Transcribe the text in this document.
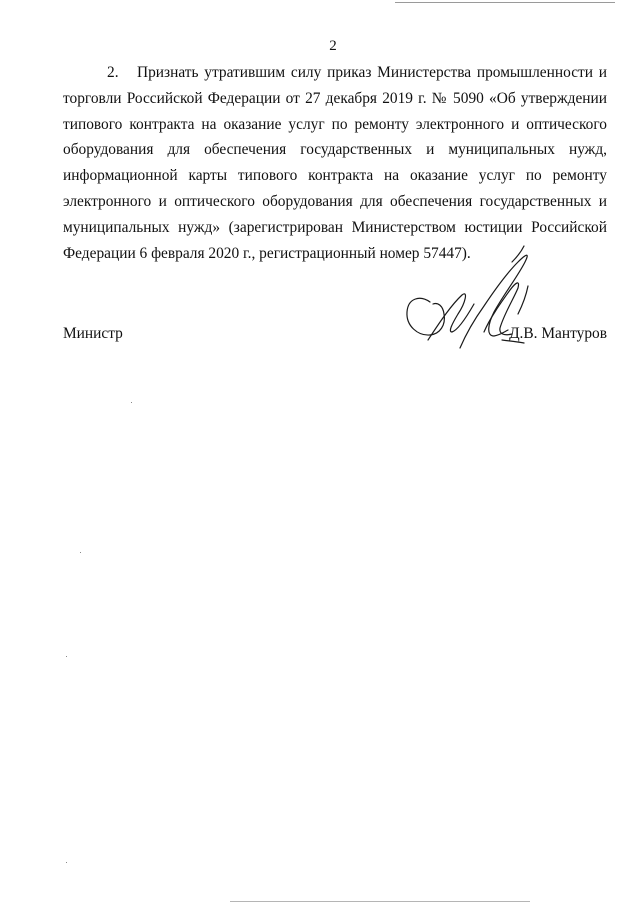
2

2. Признать утратившим силу приказ Министерства промышленности и торговли Российской Федерации от 27 декабря 2019 г. № 5090 «Об утверждении типового контракта на оказание услуг по ремонту электронного и оптического оборудования для обеспечения государственных и муниципальных нужд, информационной карты типового контракта на оказание услуг по ремонту электронного и оптического оборудования для обеспечения государственных и муниципальных нужд» (зарегистрирован Министерством юстиции Российской Федерации 6 февраля 2020 г., регистрационный номер 57447).

Министр	Д.В. Мантуров
